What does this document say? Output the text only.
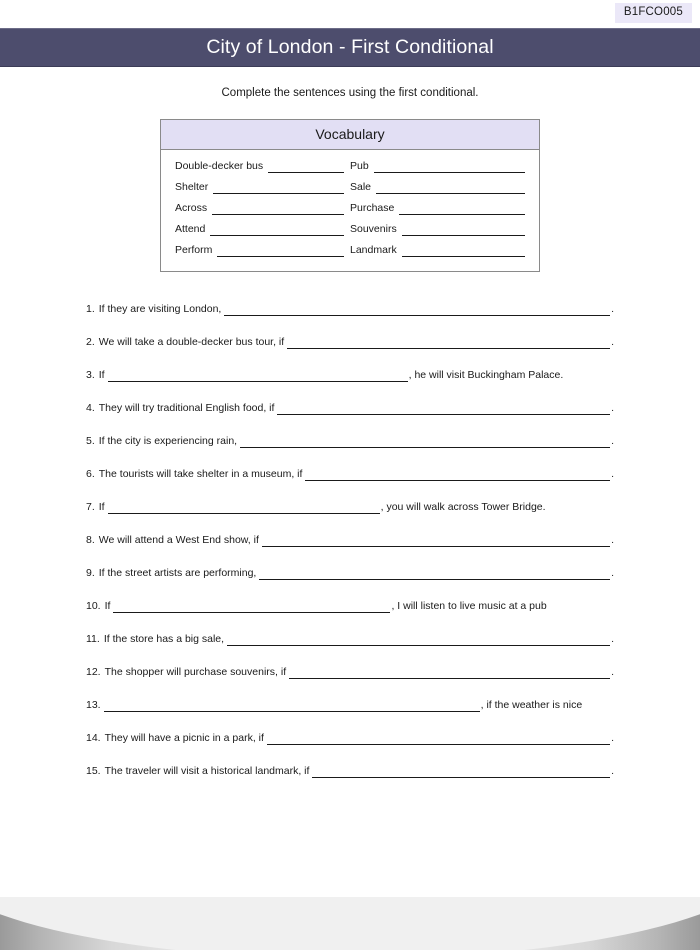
B1FCO005
City of London - First Conditional
Complete the sentences using the first conditional.
Vocabulary
Double-decker bus	Pub
Shelter	Sale
Across	Purchase
Attend	Souvenirs
Perform	Landmark
1. If they are visiting London,	.
2. We will take a double-decker bus tour, if	.
3. If	, he will visit Buckingham Palace.
4. They will try traditional English food, if	.
5. If the city is experiencing rain,	.
6. The tourists will take shelter in a museum, if	.
7. If	, you will walk across Tower Bridge.
8. We will attend a West End show, if	.
9. If the street artists are performing,	.
10. If	, I will listen to live music at a pub
11. If the store has a big sale,	.
12. The shopper will purchase souvenirs, if	.
13.	, if the weather is nice
14. They will have a picnic in a park, if	.
15. The traveler will visit a historical landmark, if	.
